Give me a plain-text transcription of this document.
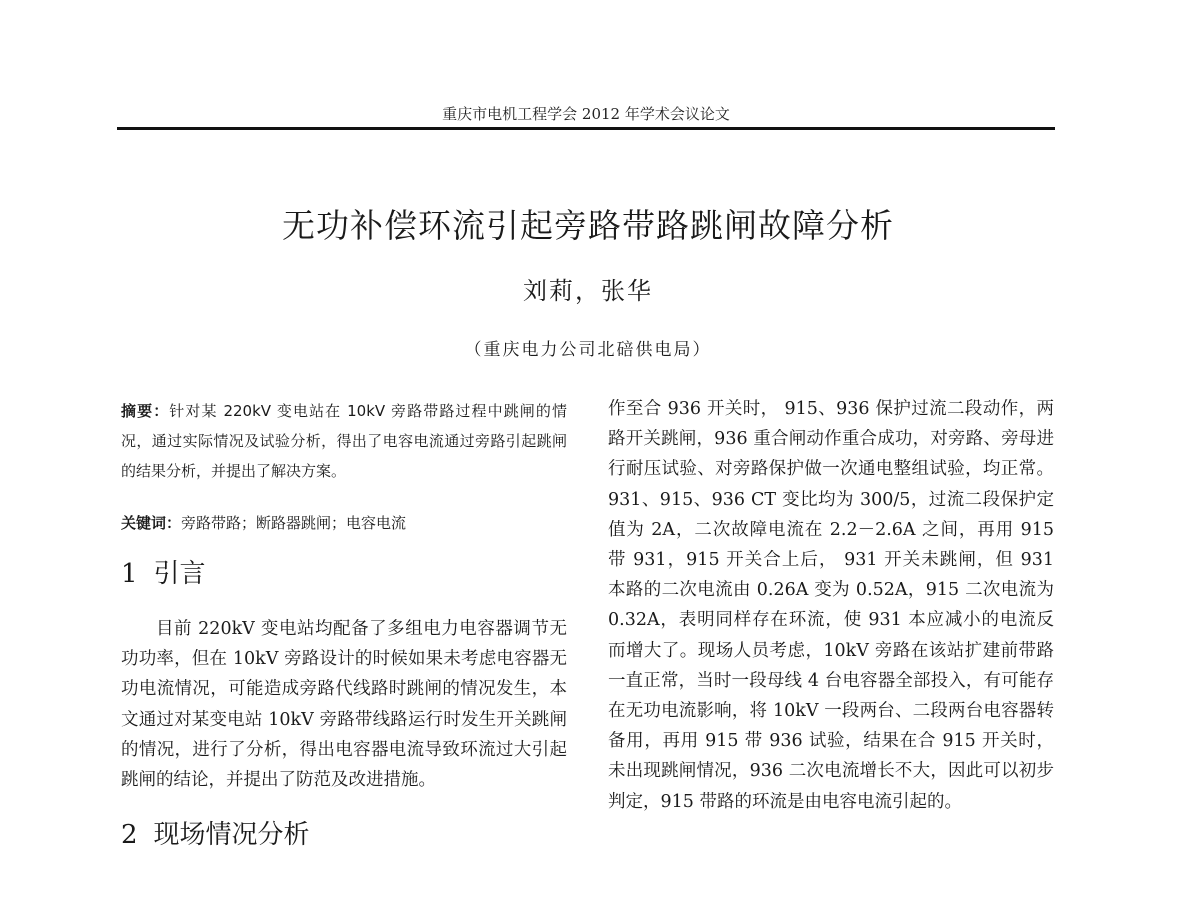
重庆市电机工程学会 2012 年学术会议论文
无功补偿环流引起旁路带路跳闸故障分析
刘莉，张华
（重庆电力公司北碚供电局）

摘要：针对某 220kV 变电站在 10kV 旁路带路过程中跳闸的情况，通过实际情况及试验分析，得出了电容电流通过旁路引起跳闸的结果分析，并提出了解决方案。

关键词：旁路带路；断路器跳闸；电容电流
1 引言

目前 220kV 变电站均配备了多组电力电容器调节无功功率，但在 10kV 旁路设计的时候如果未考虑电容器无功电流情况，可能造成旁路代线路时跳闸的情况发生，本文通过对某变电站 10kV 旁路带线路运行时发生开关跳闸的情况，进行了分析，得出电容器电流导致环流过大引起跳闸的结论，并提出了防范及改进措施。

2 现场情况分析

作至合 936 开关时， 915、936 保护过流二段动作，两路开关跳闸，936 重合闸动作重合成功，对旁路、旁母进行耐压试验、对旁路保护做一次通电整组试验，均正常。931、915、936 CT 变比均为 300/5，过流二段保护定值为 2A，二次故障电流在 2.2－2.6A 之间，再用 915 带 931，915 开关合上后， 931 开关未跳闸，但 931 本路的二次电流由 0.26A 变为 0.52A，915 二次电流为 0.32A，表明同样存在环流，使 931 本应减小的电流反而增大了。现场人员考虑，10kV 旁路在该站扩建前带路一直正常，当时一段母线 4 台电容器全部投入，有可能存在无功电流影响，将 10kV 一段两台、二段两台电容器转备用，再用 915 带 936 试验，结果在合 915 开关时，未出现跳闸情况，936 二次电流增长不大，因此可以初步判定，915 带路的环流是由电容电流引起的。
